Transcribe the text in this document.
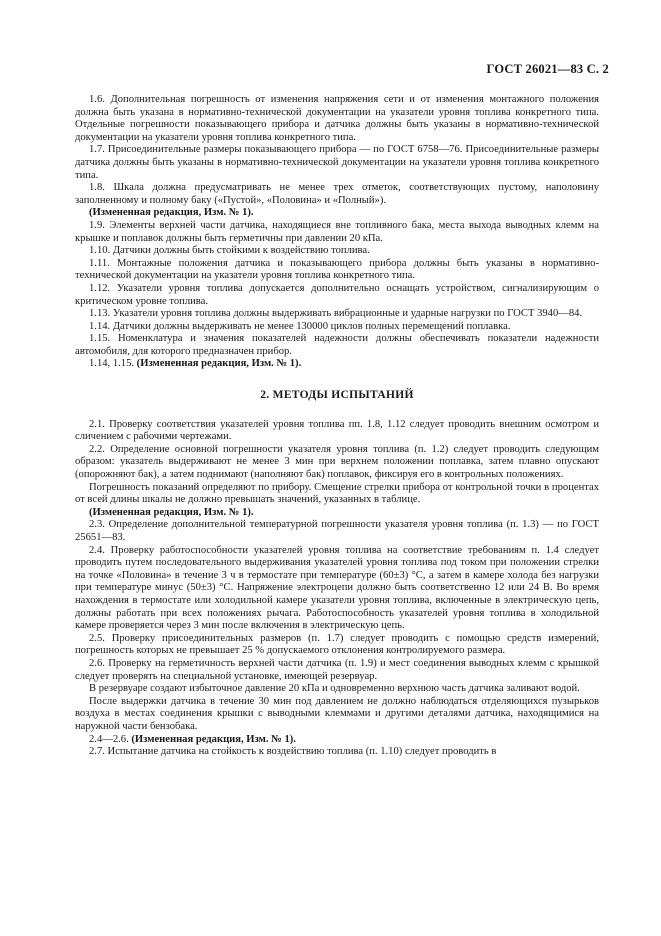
ГОСТ 26021—83 С. 2

1.6. Дополнительная погрешность от изменения напряжения сети и от изменения монтажного положения должна быть указана в нормативно-технической документации на указатели уровня топлива конкретного типа. Отдельные погрешности показывающего прибора и датчика должны быть указаны в нормативно-технической документации на указатели уровня топлива конкретного типа.

1.7. Присоединительные размеры показывающего прибора — по ГОСТ 6758—76. Присоединительные размеры датчика должны быть указаны в нормативно-технической документации на указатели уровня топлива конкретного типа.

1.8. Шкала должна предусматривать не менее трех отметок, соответствующих пустому, наполовину заполненному и полному баку («Пустой», «Половина» и «Полный»).

(Измененная редакция, Изм. № 1).

1.9. Элементы верхней части датчика, находящиеся вне топливного бака, места выхода выводных клемм на крышке и поплавок должны быть герметичны при давлении 20 кПа.

1.10. Датчики должны быть стойкими к воздействию топлива.

1.11. Монтажные положения датчика и показывающего прибора должны быть указаны в нормативно-технической документации на указатели уровня топлива конкретного типа.

1.12. Указатели уровня топлива допускается дополнительно оснащать устройством, сигнализирующим о критическом уровне топлива.

1.13. Указатели уровня топлива должны выдерживать вибрационные и ударные нагрузки по ГОСТ 3940—84.

1.14. Датчики должны выдерживать не менее 130000 циклов полных перемещений поплавка.

1.15. Номенклатура и значения показателей надежности должны обеспечивать показатели надежности автомобиля, для которого предназначен прибор.

1.14, 1.15. (Измененная редакция, Изм. № 1).

2. МЕТОДЫ ИСПЫТАНИЙ

2.1. Проверку соответствия указателей уровня топлива пп. 1.8, 1.12 следует проводить внешним осмотром и сличением с рабочими чертежами.

2.2. Определение основной погрешности указателя уровня топлива (п. 1.2) следует проводить следующим образом: указатель выдерживают не менее 3 мин при верхнем положении поплавка, затем плавно опускают (опорожняют бак), а затем поднимают (наполняют бак) поплавок, фиксируя его в контрольных положениях.

Погрешность показаний определяют по прибору. Смещение стрелки прибора от контрольной точки в процентах от всей длины шкалы не должно превышать значений, указанных в таблице.

(Измененная редакция, Изм. № 1).

2.3. Определение дополнительной температурной погрешности указателя уровня топлива (п. 1.3) — по ГОСТ 25651—83.

2.4. Проверку работоспособности указателей уровня топлива на соответствие требованиям п. 1.4 следует проводить путем последовательного выдерживания указателей уровня топлива под током при положении стрелки на точке «Половина» в течение 3 ч в термостате при температуре (60±3) °С, а затем в камере холода без нагрузки при температуре минус (50±3) °С. Напряжение электроцепи должно быть соответственно 12 или 24 В. Во время нахождения в термостате или холодильной камере указатели уровня топлива, включенные в электрическую цепь, должны работать при всех положениях рычага. Работоспособность указателей уровня топлива в холодильной камере проверяется через 3 мин после включения в электрическую цепь.

2.5. Проверку присоединительных размеров (п. 1.7) следует проводить с помощью средств измерений, погрешность которых не превышает 25 % допускаемого отклонения контролируемого размера.

2.6. Проверку на герметичность верхней части датчика (п. 1.9) и мест соединения выводных клемм с крышкой следует проверять на специальной установке, имеющей резервуар.

В резервуаре создают избыточное давление 20 кПа и одновременно верхнюю часть датчика заливают водой.

После выдержки датчика в течение 30 мин под давлением не должно наблюдаться отделяющихся пузырьков воздуха в местах соединения крышки с выводными клеммами и другими деталями датчика, находящимися на наружной части бензобака.

2.4—2.6. (Измененная редакция, Изм. № 1).

2.7. Испытание датчика на стойкость к воздействию топлива (п. 1.10) следует проводить в
